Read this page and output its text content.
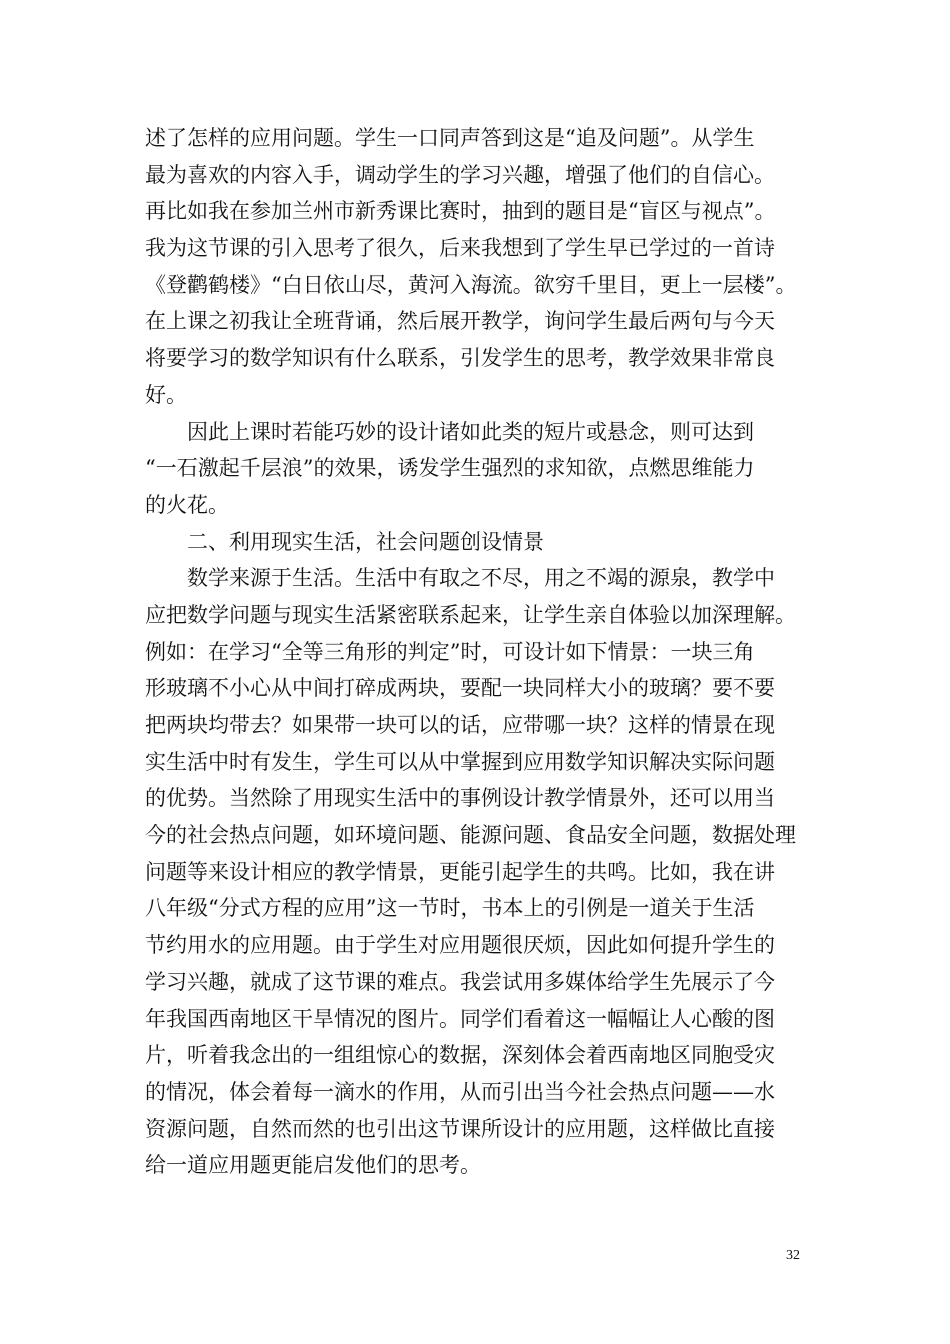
述了怎样的应用问题。学生一口同声答到这是“追及问题”。从学生
最为喜欢的内容入手，调动学生的学习兴趣，增强了他们的自信心。
再比如我在参加兰州市新秀课比赛时，抽到的题目是“盲区与视点”。
我为这节课的引入思考了很久，后来我想到了学生早已学过的一首诗
《登鹳鹤楼》“白日依山尽，黄河入海流。欲穷千里目，更上一层楼”。
在上课之初我让全班背诵，然后展开教学，询问学生最后两句与今天
将要学习的数学知识有什么联系，引发学生的思考，教学效果非常良
好。
因此上课时若能巧妙的设计诸如此类的短片或悬念，则可达到
“一石激起千层浪”的效果，诱发学生强烈的求知欲，点燃思维能力
的火花。
二、利用现实生活，社会问题创设情景
数学来源于生活。生活中有取之不尽，用之不竭的源泉，教学中
应把数学问题与现实生活紧密联系起来，让学生亲自体验以加深理解。
例如：在学习“全等三角形的判定”时，可设计如下情景：一块三角
形玻璃不小心从中间打碎成两块，要配一块同样大小的玻璃？要不要
把两块均带去？如果带一块可以的话，应带哪一块？这样的情景在现
实生活中时有发生，学生可以从中掌握到应用数学知识解决实际问题
的优势。当然除了用现实生活中的事例设计教学情景外，还可以用当
今的社会热点问题，如环境问题、能源问题、食品安全问题，数据处理
问题等来设计相应的教学情景，更能引起学生的共鸣。比如，我在讲
八年级“分式方程的应用”这一节时，书本上的引例是一道关于生活
节约用水的应用题。由于学生对应用题很厌烦，因此如何提升学生的
学习兴趣，就成了这节课的难点。我尝试用多媒体给学生先展示了今
年我国西南地区干旱情况的图片。同学们看着这一幅幅让人心酸的图
片，听着我念出的一组组惊心的数据，深刻体会着西南地区同胞受灾
的情况，体会着每一滴水的作用，从而引出当今社会热点问题——水
资源问题，自然而然的也引出这节课所设计的应用题，这样做比直接
给一道应用题更能启发他们的思考。
32
